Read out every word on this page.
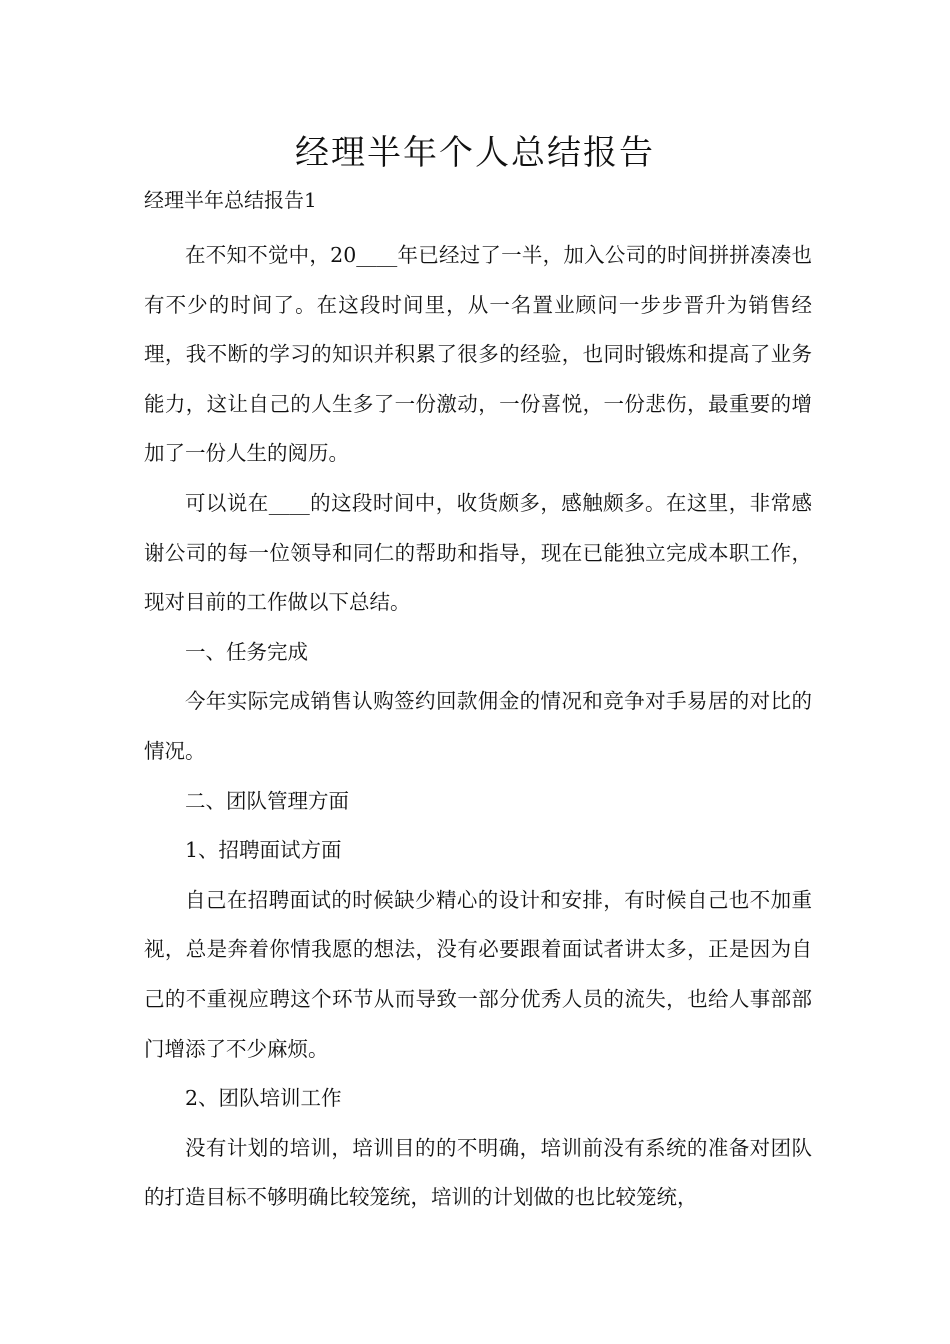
经理半年个人总结报告

经理半年总结报告1

在不知不觉中，20____年已经过了一半，加入公司的时间拼拼凑凑也有不少的时间了。在这段时间里，从一名置业顾问一步步晋升为销售经理，我不断的学习的知识并积累了很多的经验，也同时锻炼和提高了业务能力，这让自己的人生多了一份激动，一份喜悦，一份悲伤，最重要的增加了一份人生的阅历。

可以说在____的这段时间中，收货颇多，感触颇多。在这里，非常感谢公司的每一位领导和同仁的帮助和指导，现在已能独立完成本职工作，现对目前的工作做以下总结。

一、任务完成

今年实际完成销售认购签约回款佣金的情况和竞争对手易居的对比的情况。

二、团队管理方面

1、招聘面试方面

自己在招聘面试的时候缺少精心的设计和安排，有时候自己也不加重视，总是奔着你情我愿的想法，没有必要跟着面试者讲太多，正是因为自己的不重视应聘这个环节从而导致一部分优秀人员的流失，也给人事部部门增添了不少麻烦。

2、团队培训工作

没有计划的培训，培训目的的不明确，培训前没有系统的准备对团队的打造目标不够明确比较笼统，培训的计划做的也比较笼统，
